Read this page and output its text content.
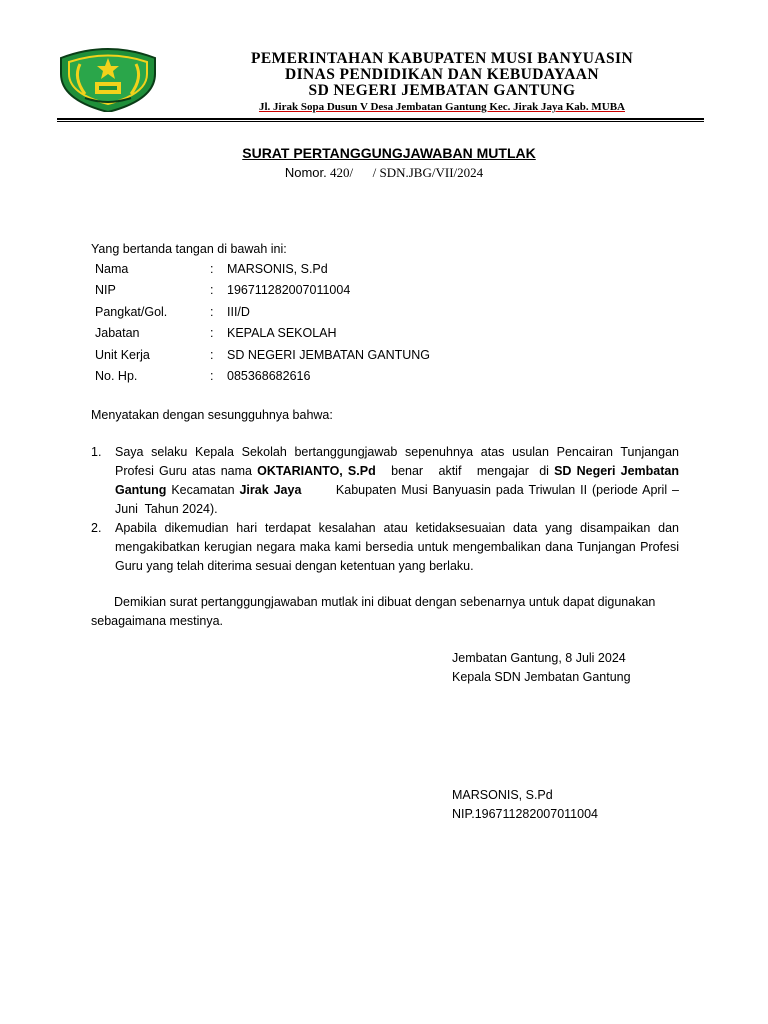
PEMERINTAHAN KABUPATEN MUSI BANYUASIN
DINAS PENDIDIKAN DAN KEBUDAYAAN
SD NEGERI JEMBATAN GANTUNG
Jl. Jirak Sopa Dusun V Desa Jembatan Gantung Kec. Jirak Jaya Kab. MUBA
SURAT PERTANGGUNGJAWABAN MUTLAK
Nomor. 420/      / SDN.JBG/VII/2024
Yang bertanda tangan di bawah ini:
Nama	:	MARSONIS, S.Pd
NIP	:	196711282007011004
Pangkat/Gol.	:	III/D
Jabatan	:	KEPALA SEKOLAH
Unit Kerja	:	SD NEGERI JEMBATAN GANTUNG
No. Hp.	:	085368682616
Menyatakan dengan sesungguhnya bahwa:
1.	Saya selaku Kepala Sekolah bertanggungjawab sepenuhnya atas usulan Pencairan Tunjangan Profesi Guru atas nama OKTARIANTO, S.Pd   benar   aktif   mengajar  di SD Negeri Jembatan Gantung Kecamatan Jirak Jaya       Kabupaten Musi Banyuasin pada Triwulan II (periode April – Juni  Tahun 2024).
2.	Apabila dikemudian hari terdapat kesalahan atau ketidaksesuaian data yang disampaikan dan mengakibatkan kerugian negara maka kami bersedia untuk mengembalikan dana Tunjangan Profesi Guru yang telah diterima sesuai dengan ketentuan yang berlaku.
Demikian surat pertanggungjawaban mutlak ini dibuat dengan sebenarnya untuk dapat digunakan sebagaimana mestinya.
Jembatan Gantung, 8 Juli 2024
Kepala SDN Jembatan Gantung
MARSONIS, S.Pd
NIP.196711282007011004
